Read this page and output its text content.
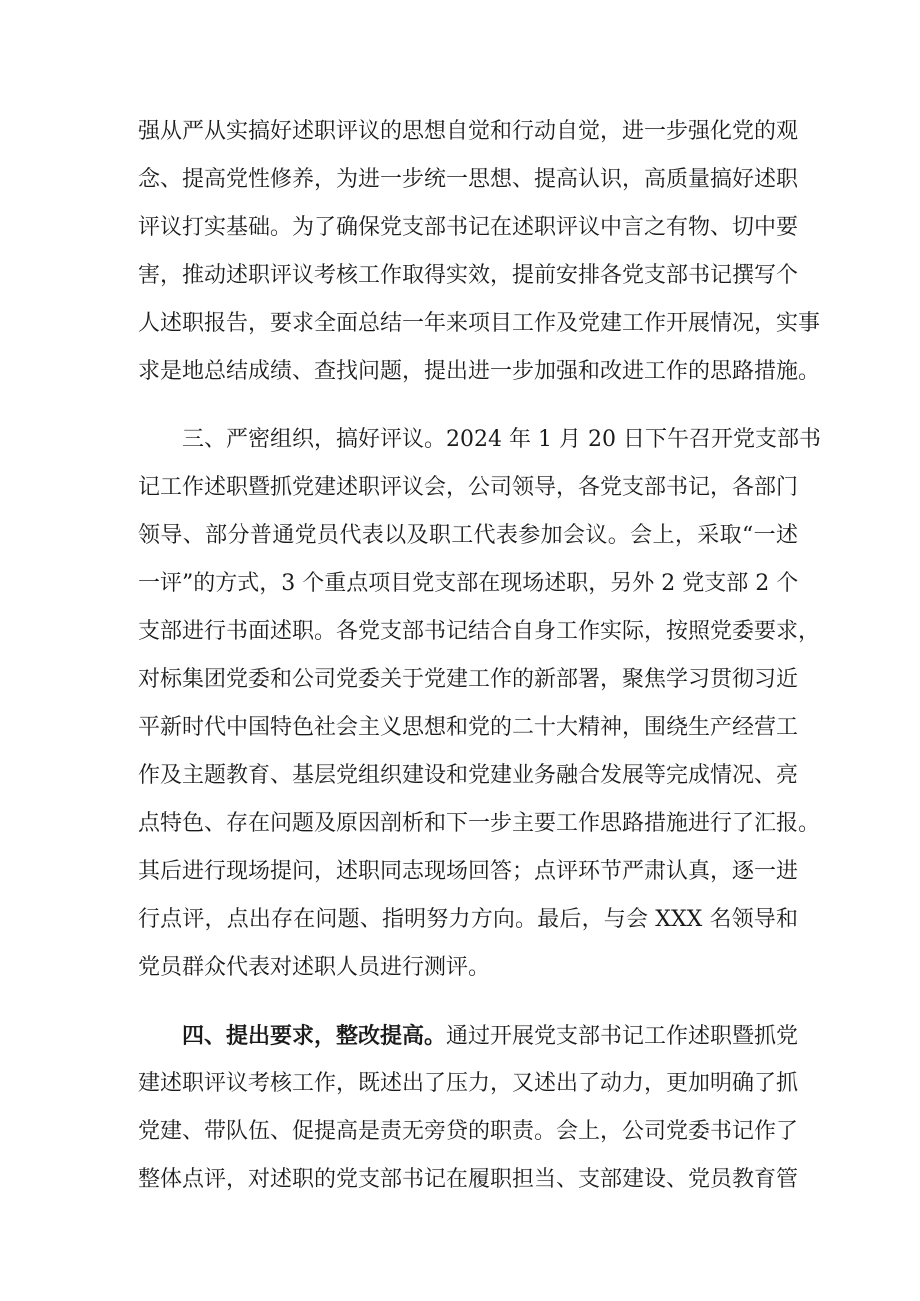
强从严从实搞好述职评议的思想自觉和行动自觉，进一步强化党的观
念、提高党性修养，为进一步统一思想、提高认识，高质量搞好述职
评议打实基础。为了确保党支部书记在述职评议中言之有物、切中要
害，推动述职评议考核工作取得实效，提前安排各党支部书记撰写个
人述职报告，要求全面总结一年来项目工作及党建工作开展情况，实事
求是地总结成绩、查找问题，提出进一步加强和改进工作的思路措施。
三、严密组织，搞好评议。2024 年 1 月 20 日下午召开党支部书
记工作述职暨抓党建述职评议会，公司领导，各党支部书记，各部门
领导、部分普通党员代表以及职工代表参加会议。会上，采取“一述
一评”的方式，3 个重点项目党支部在现场述职，另外 2 党支部 2 个
支部进行书面述职。各党支部书记结合自身工作实际，按照党委要求，
对标集团党委和公司党委关于党建工作的新部署，聚焦学习贯彻习近
平新时代中国特色社会主义思想和党的二十大精神，围绕生产经营工
作及主题教育、基层党组织建设和党建业务融合发展等完成情况、亮
点特色、存在问题及原因剖析和下一步主要工作思路措施进行了汇报。
其后进行现场提问，述职同志现场回答；点评环节严肃认真，逐一进
行点评，点出存在问题、指明努力方向。最后，与会 XXX 名领导和
党员群众代表对述职人员进行测评。
四、提出要求，整改提高。通过开展党支部书记工作述职暨抓党
建述职评议考核工作，既述出了压力，又述出了动力，更加明确了抓
党建、带队伍、促提高是责无旁贷的职责。会上，公司党委书记作了
整体点评，对述职的党支部书记在履职担当、支部建设、党员教育管
